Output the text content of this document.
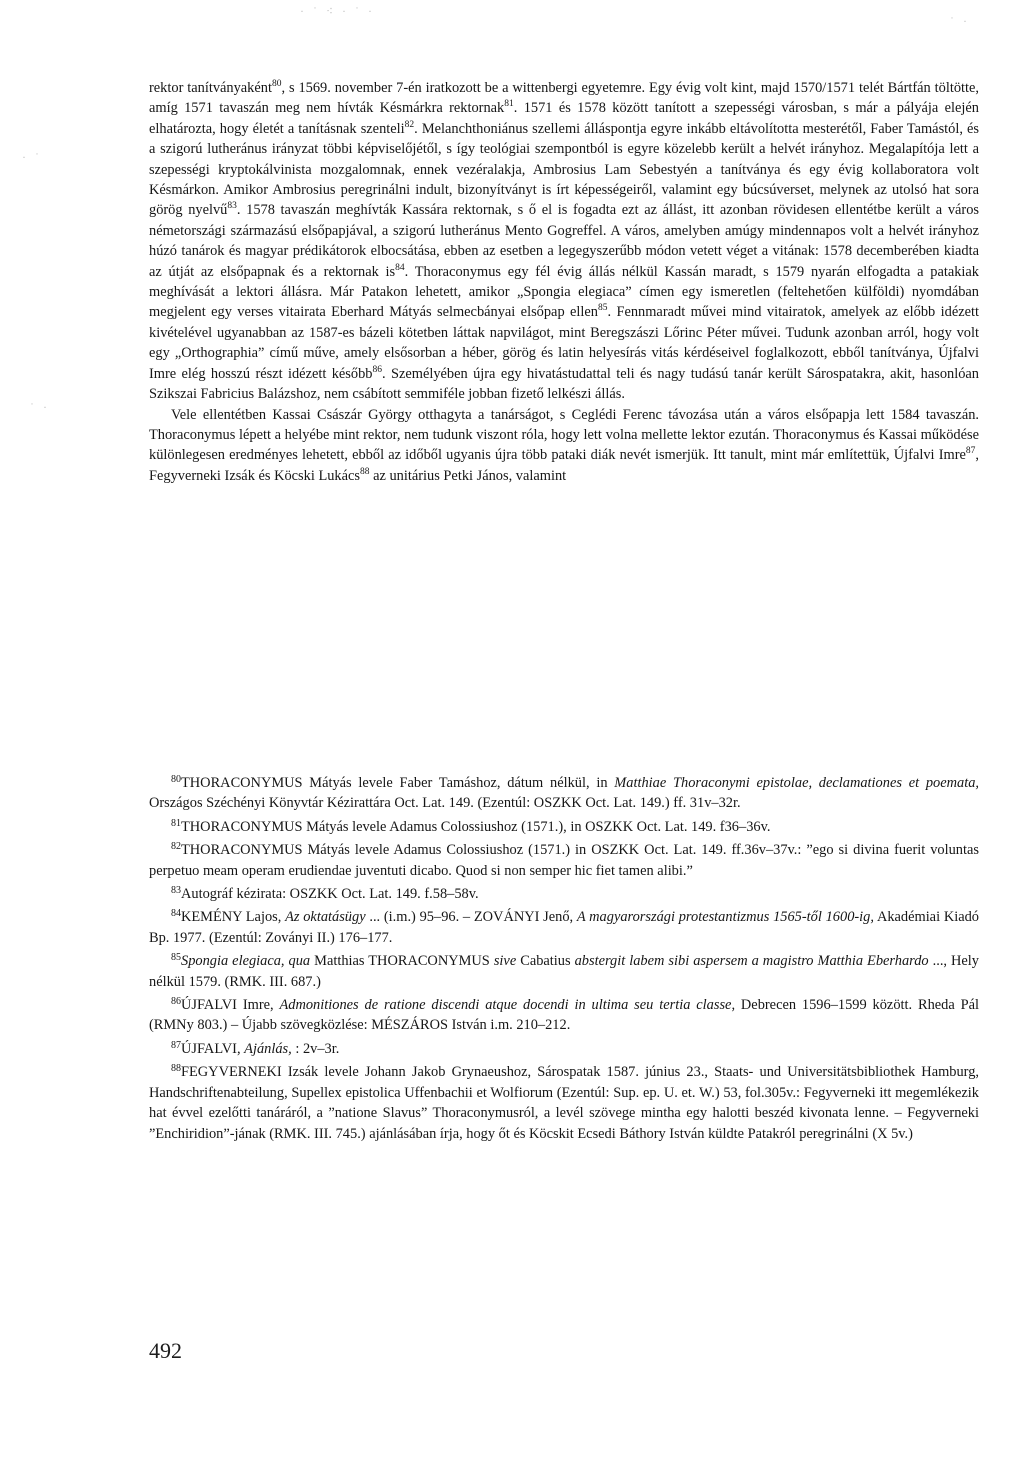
· ˙ ⁖ · ˙ ·
˙ ·
· ˙
˙ ·

rektor tanítványaként$^{80}$, s 1569. november 7-én iratkozott be a wittenbergi egyetemre. Egy évig volt kint, majd 1570/1571 telét Bártfán töltötte, amíg 1571 tavaszán meg nem hívták Késmárkra rektornak$^{81}$. 1571 és 1578 között tanított a szepességi városban, s már a pályája elején elhatározta, hogy életét a tanításnak szenteli$^{82}$. Melanchthoniánus szellemi álláspontja egyre inkább eltávolította mesterétől, Faber Tamástól, és a szigorú lutheránus irányzat többi képviselőjétől, s így teológiai szempontból is egyre közelebb került a helvét irányhoz. Megalapítója lett a szepességi kryptokálvinista mozgalomnak, ennek vezéralakja, Ambrosius Lam Sebestyén a tanítványa és egy évig kollaboratora volt Késmárkon. Amikor Ambrosius peregrinálni indult, bizonyítványt is írt képességeiről, valamint egy búcsúverset, melynek az utolsó hat sora görög nyelvű$^{83}$. 1578 tavaszán meghívták Kassára rektornak, s ő el is fogadta ezt az állást, itt azonban rövidesen ellentétbe került a város németországi származású elsőpapjával, a szigorú lutheránus Mento Gogreffel. A város, amelyben amúgy mindennapos volt a helvét irányhoz húzó tanárok és magyar prédikátorok elbocsátása, ebben az esetben a legegyszerűbb módon vetett véget a vitának: 1578 decemberében kiadta az útját az elsőpapnak és a rektornak $is^{84}$. Thoraconymus egy fél évig állás nélkül Kassán maradt, s 1579 nyarán elfogadta a patakiak meghívását a lektori állásra. Már Patakon lehetett, amikor „Spongia elegiaca” címen egy ismeretlen (feltehetően külföldi) nyomdában megjelent egy verses vitairata Eberhard Mátyás selmecbányai elsőpap ellen$^{85}$. Fennmaradt művei mind vitairatok, amelyek az előbb idézett kivételével ugyanabban az 1587-es bázeli kötetben láttak napvilágot, mint Beregszászi Lőrinc Péter művei. Tudunk azonban arról, hogy volt egy „Orthographia” című műve, amely elsősorban a héber, görög és latin helyesírás vitás kérdéseivel foglalkozott, ebből tanítványa, Újfalvi Imre elég hosszú részt idézett később$^{86}$. Személyében újra egy hivatástudattal teli és nagy tudású tanár került Sárospatakra, akit, hasonlóan Szikszai Fabricius Balázshoz, nem csábított semmiféle jobban fizető lelkészi állás.

Vele ellentétben Kassai Császár György otthagyta a tanárságot, s Ceglédi Ferenc távozása után a város elsőpapja lett 1584 tavaszán. Thoraconymus lépett a helyébe mint rektor, nem tudunk viszont róla, hogy lett volna mellette lektor ezután. Thoraconymus és Kassai működése különlegesen eredményes lehetett, ebből az időből ugyanis újra több pataki diák nevét ismerjük. Itt tanult, mint már említettük, Újfalvi Imre$^{87}$, Fegyverneki Izsák és Köcski Lukács$^{88}$ az unitárius Petki János, valamint

$^{80}$THORACONYMUS Mátyás levele Faber Tamáshoz, dátum nélkül, in Matthiae Thoraconymi epistolae, declamationes et poemata, Országos Széchényi Könyvtár Kézirattára Oct. Lat. 149. (Ezentúl: OSZKK Oct. Lat. 149.) ff. 31v–32r.

$^{81}$THORACONYMUS Mátyás levele Adamus Colossiushoz (1571.), in OSZKK Oct. Lat. 149. f36–36v.

$^{82}$THORACONYMUS Mátyás levele Adamus Colossiushoz (1571.) in OSZKK Oct. Lat. 149. ff.36v–37v.: ”ego si divina fuerit voluntas perpetuo meam operam erudiendae juventuti dicabo. Quod si non semper hic fiet tamen alibi.”

$^{83}$Autográf kézirata: OSZKK Oct. Lat. 149. f.58–58v.

$^{84}$KEMÉNY Lajos, Az oktatásügy ... (i.m.) 95–96. – ZOVÁNYI Jenő, A magyarországi protestantizmus 1565-től 1600-ig, Akadémiai Kiadó Bp. 1977. (Ezentúl: Zoványi II.) 176–177.

$^{85}$Spongia elegiaca, qua Matthias THORACONYMUS sive Cabatius abstergit labem sibi aspersem a magistro Matthia Eberhardo ..., Hely nélkül 1579. (RMK. III. 687.)

$^{86}$ÚJFALVI Imre, Admonitiones de ratione discendi atque docendi in ultima seu tertia classe, Debrecen 1596–1599 között. Rheda Pál (RMNy 803.) – Újabb szövegközlése: MÉSZÁROS István i.m. 210–212.

$^{87}$ÚJFALVI, Ajánlás, : 2v–3r.

$^{88}$FEGYVERNEKI Izsák levele Johann Jakob Grynaeushoz, Sárospatak 1587. június 23., Staats- und Universitätsbibliothek Hamburg, Handschriftenabteilung, Supellex epistolica Uffenbachii et Wolfiorum (Ezentúl: Sup. ep. U. et. W.) 53, fol.305v.: Fegyverneki itt megemlékezik hat évvel ezelőtti tanáráról, a ”natione Slavus” Thoraconymusról, a levél szövege mintha egy halotti beszéd kivonata lenne. – Fegyverneki ”Enchiridion”-jának (RMK. III. 745.) ajánlásában írja, hogy őt és Köcskit Ecsedi Báthory István küldte Patakról peregrinálni (X 5v.)

492
